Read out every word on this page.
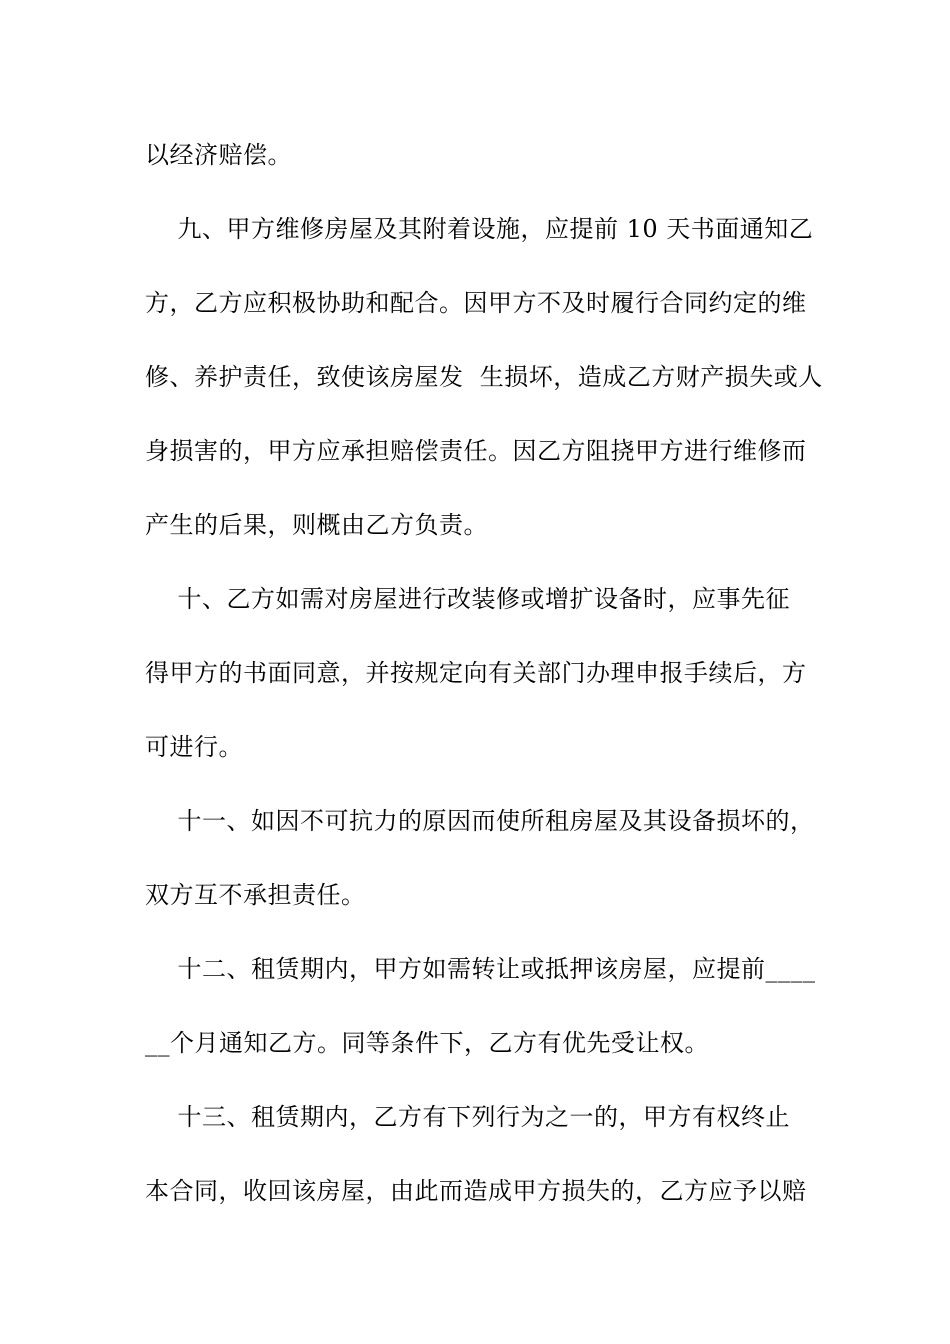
以经济赔偿。
九、甲方维修房屋及其附着设施，应提前 10 天书面通知乙
方，乙方应积极协助和配合。因甲方不及时履行合同约定的维
修、养护责任，致使该房屋发  生损坏，造成乙方财产损失或人
身损害的，甲方应承担赔偿责任。因乙方阻挠甲方进行维修而
产生的后果，则概由乙方负责。
十、乙方如需对房屋进行改装修或增扩设备时，应事先征
得甲方的书面同意，并按规定向有关部门办理申报手续后，方
可进行。
十一、如因不可抗力的原因而使所租房屋及其设备损坏的，
双方互不承担责任。
十二、租赁期内，甲方如需转让或抵押该房屋，应提前____
__个月通知乙方。同等条件下，乙方有优先受让权。
十三、租赁期内，乙方有下列行为之一的，甲方有权终止
本合同，收回该房屋，由此而造成甲方损失的，乙方应予以赔
